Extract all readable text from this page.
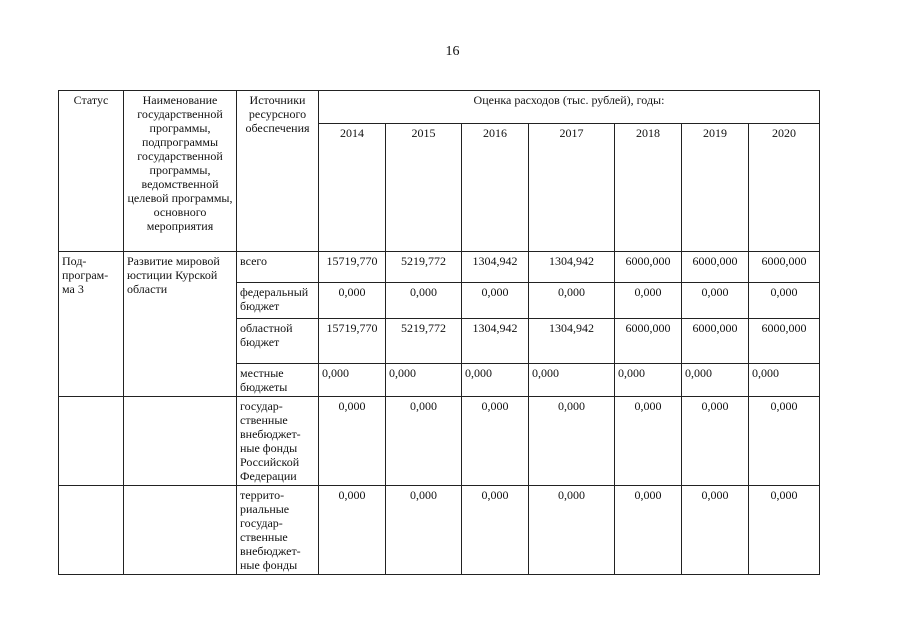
16
Статус	Наименование государственной программы, подпрограммы государственной программы, ведомственной целевой программы, основного мероприятия	Источники ресурсного обеспечения	Оценка расходов (тыс. рублей), годы:						
			2014	2015	2016	2017	2018	2019	2020
Под- програм- ма 3	Развитие мировой юстиции Курской области	всего	15719,770	5219,772	1304,942	1304,942	6000,000	6000,000	6000,000
		федеральный бюджет	0,000	0,000	0,000	0,000	0,000	0,000	0,000
		областной бюджет	15719,770	5219,772	1304,942	1304,942	6000,000	6000,000	6000,000
		местные бюджеты	0,000	0,000	0,000	0,000	0,000	0,000	0,000
		государ- ственные внебюджет- ные фонды Российской Федерации	0,000	0,000	0,000	0,000	0,000	0,000	0,000
		террито- риальные государ- ственные внебюджет- ные фонды	0,000	0,000	0,000	0,000	0,000	0,000	0,000
